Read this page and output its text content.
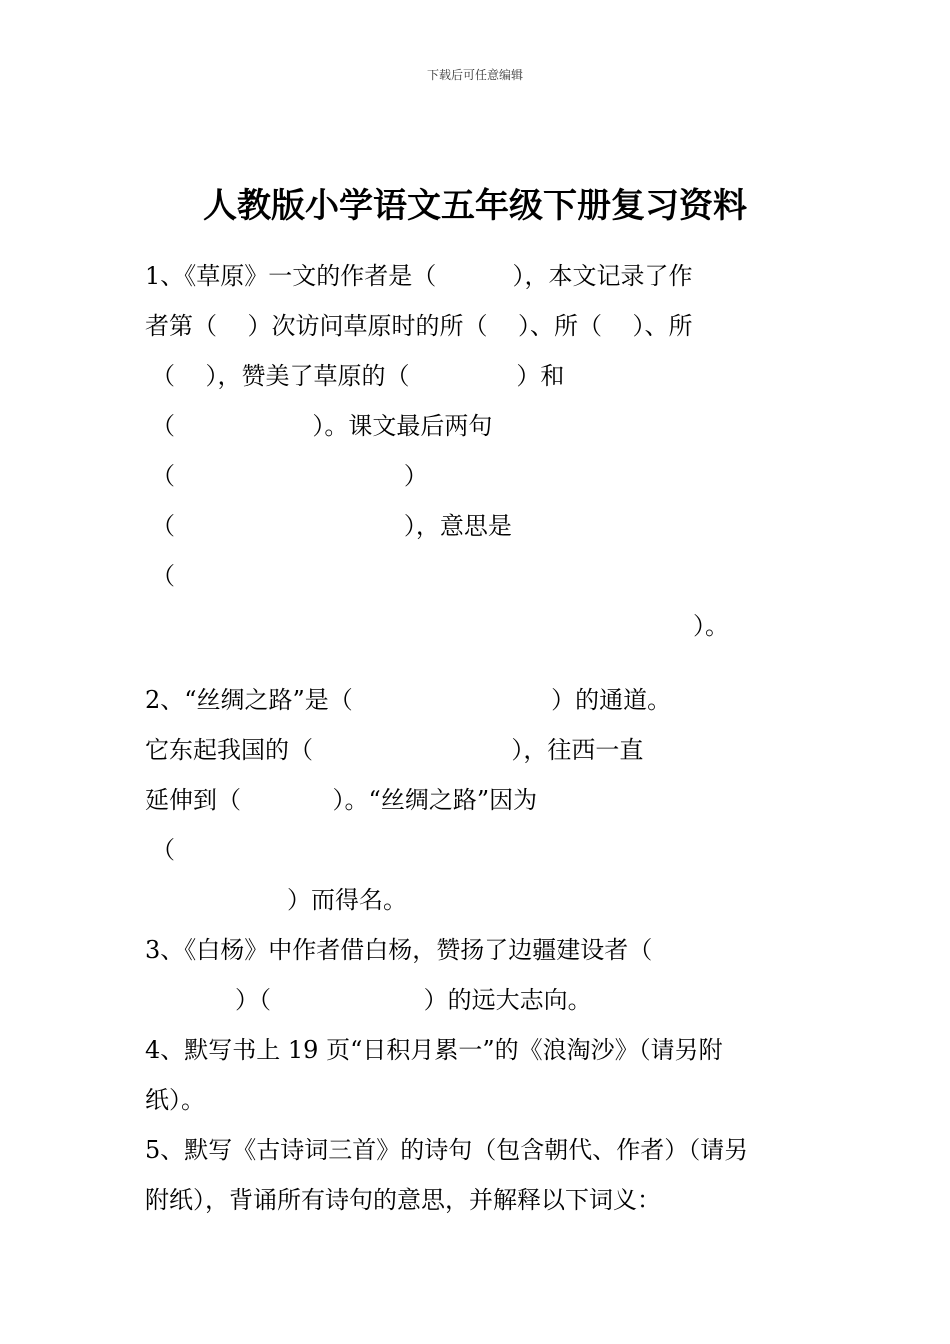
下载后可任意编辑
人教版小学语文五年级下册复习资料
1、《草原》一文的作者是（          ），本文记录了作
者第（    ）次访问草原时的所（    ）、所（    ）、所
（    ），赞美了草原的（              ）和
（                  ）。课文最后两句
（                              ）
（                              ），意思是
（
）。
2、“丝绸之路”是（                          ）的通道。
它东起我国的（                          ），往西一直
延伸到（            ）。“丝绸之路”因为
（
）而得名。
3、《白杨》中作者借白杨，赞扬了边疆建设者（
）（                    ）的远大志向。
4、默写书上 19 页“日积月累一”的《浪淘沙》（请另附
纸）。
5、默写《古诗词三首》的诗句（包含朝代、作者）（请另
附纸），背诵所有诗句的意思，并解释以下词义：
